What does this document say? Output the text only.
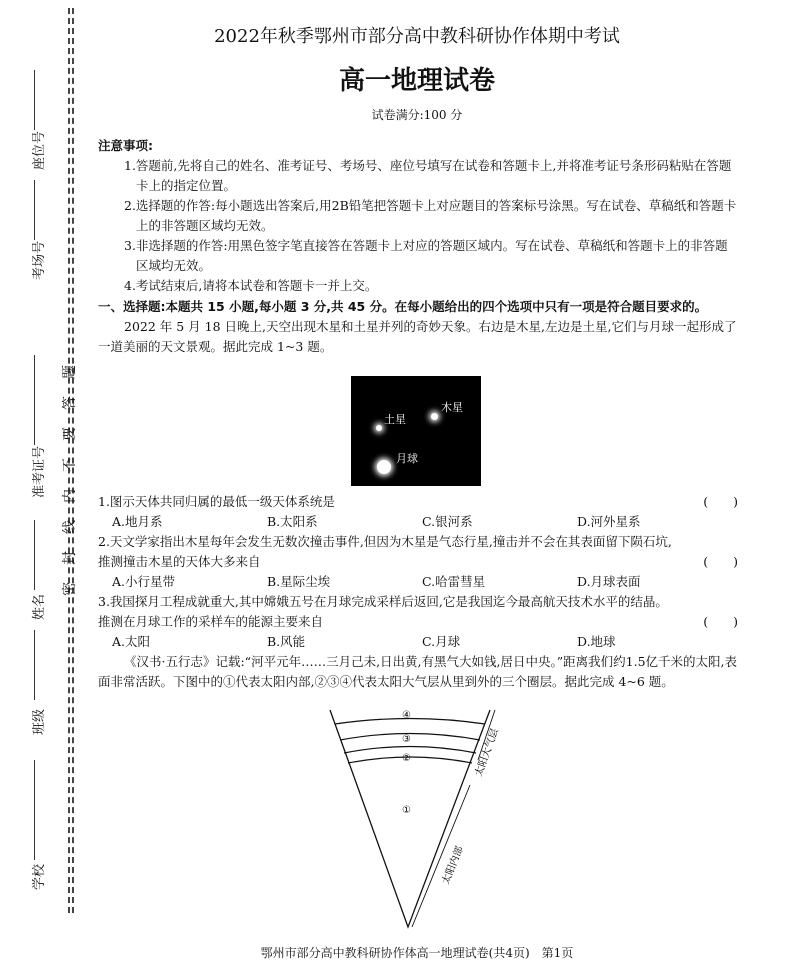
座位号
考场号
准考证号
姓名
班级
学校
题
答
要
不
内
线
封
密
2022年秋季鄂州市部分高中教科研协作体期中考试
高一地理试卷
试卷满分:100 分
注意事项:
1.答题前,先将自己的姓名、准考证号、考场号、座位号填写在试卷和答题卡上,并将准考证号条形码粘贴在答题卡上的指定位置。
2.选择题的作答:每小题选出答案后,用2B铅笔把答题卡上对应题目的答案标号涂黑。写在试卷、草稿纸和答题卡上的非答题区域均无效。
3.非选择题的作答:用黑色签字笔直接答在答题卡上对应的答题区域内。写在试卷、草稿纸和答题卡上的非答题区域均无效。
4.考试结束后,请将本试卷和答题卡一并上交。
一、选择题:本题共 15 小题,每小题 3 分,共 45 分。在每小题给出的四个选项中只有一项是符合题目要求的。
2022 年 5 月 18 日晚上,天空出现木星和土星并列的奇妙天象。右边是木星,左边是土星,它们与月球一起形成了一道美丽的天文景观。据此完成 1~3 题。
土星
木星
月球
1.图示天体共同归属的最低一级天体系统是	(　　)
A.地月系	B.太阳系	C.银河系	D.河外星系
2.天文学家指出木星每年会发生无数次撞击事件,但因为木星是气态行星,撞击并不会在其表面留下陨石坑,推测撞击木星的天体大多来自	(　　)
A.小行星带	B.星际尘埃	C.哈雷彗星	D.月球表面
3.我国探月工程成就重大,其中嫦娥五号在月球完成采样后返回,它是我国迄今最高航天技术水平的结晶。推测在月球工作的采样车的能源主要来自	(　　)
A.太阳	B.风能	C.月球	D.地球
《汉书·五行志》记载:“河平元年……三月己未,日出黄,有黑气大如钱,居日中央。”距离我们约1.5亿千米的太阳,表面非常活跃。下图中的①代表太阳内部,②③④代表太阳大气层从里到外的三个圈层。据此完成 4~6 题。
④
③
②
①
太阳大气层
太阳内部
鄂州市部分高中教科研协作体高一地理试卷(共4页)　第1页
